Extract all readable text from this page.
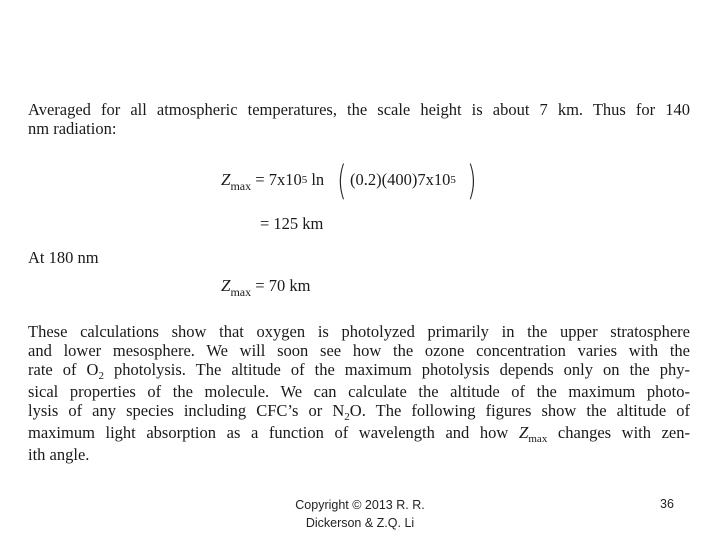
Averaged for all atmospheric temperatures, the scale height is about 7 km. Thus for 140
nm radiation:
$Z_{max} = 7x10^5$ ln ( $(0.2)(400)7x10^5$ )
= 125 km
At 180 nm
$Z_{max} = 70$ km
These calculations show that oxygen is photolyzed primarily in the upper stratosphere
and lower mesosphere. We will soon see how the ozone concentration varies with the
rate of $O_2$ photolysis. The altitude of the maximum photolysis depends only on the phy-
sical properties of the molecule. We can calculate the altitude of the maximum photo-
lysis of any species including CFC’s or $N_2O$. The following figures show the altitude of
maximum light absorption as a function of wavelength and how $Z_{max}$ changes with zen-
ith angle.
Copyright © 2013 R. R.
Dickerson & Z.Q. Li
36
